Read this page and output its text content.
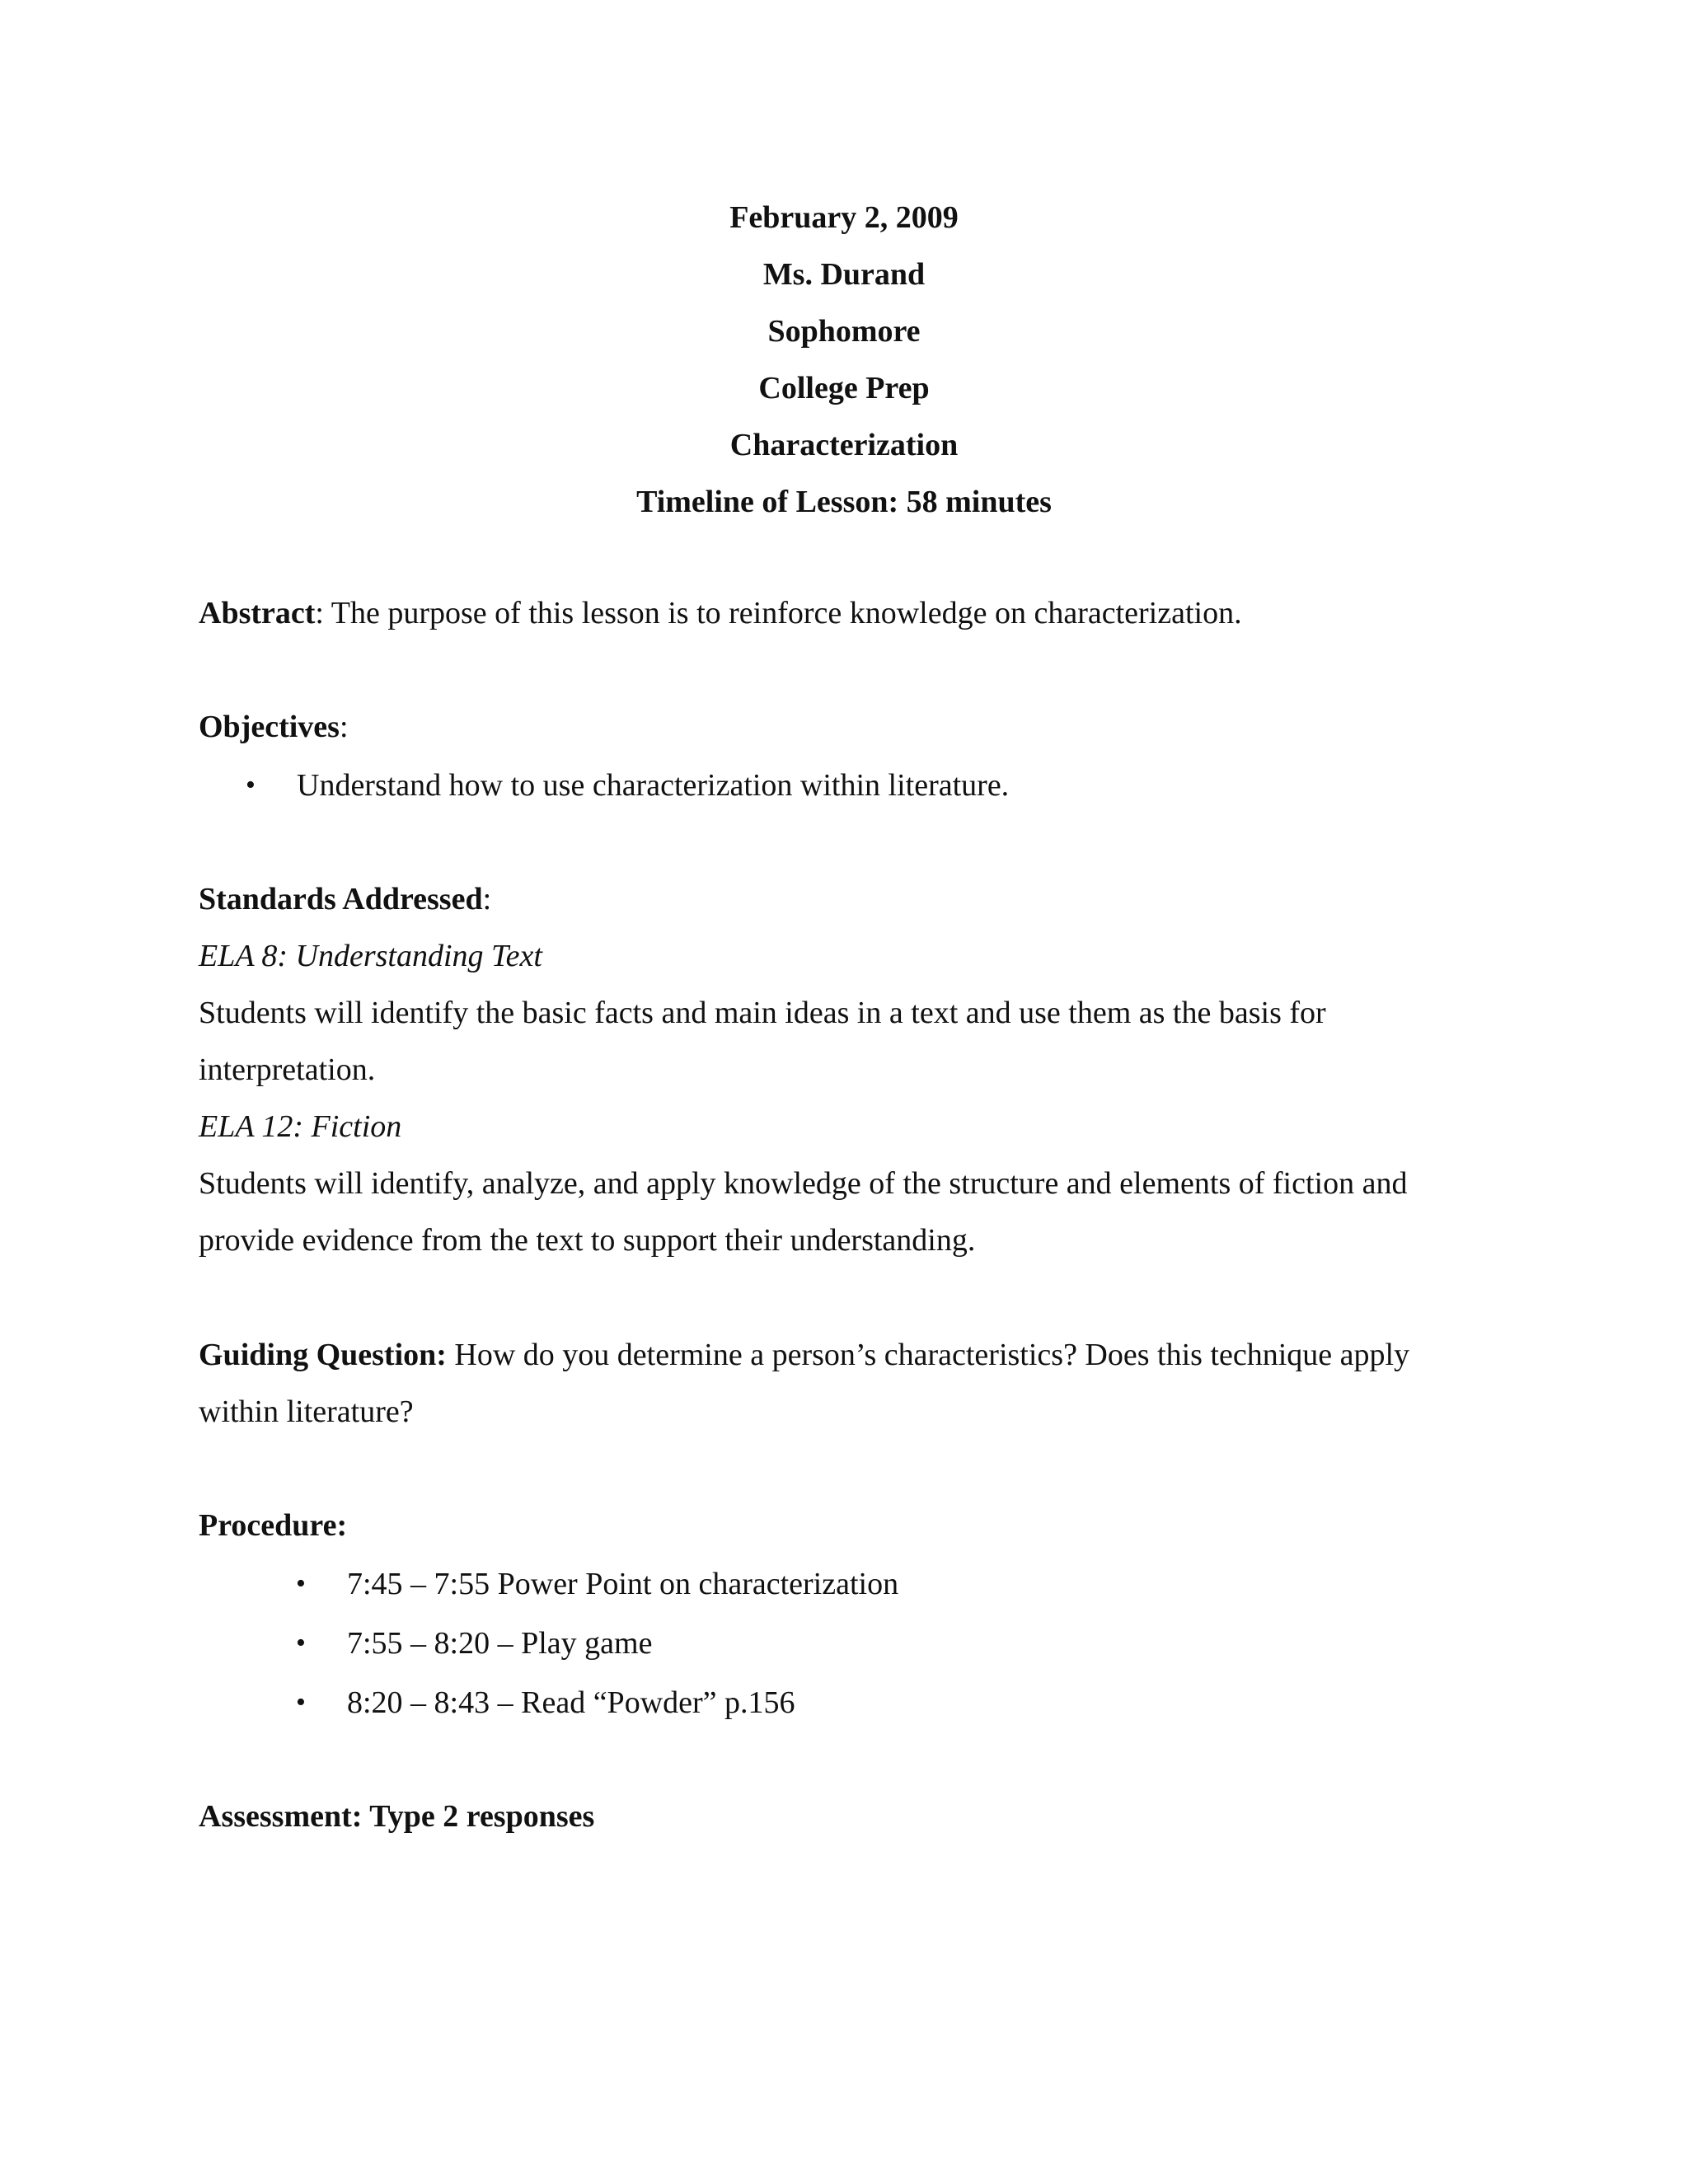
February 2, 2009
Ms. Durand
Sophomore
College Prep
Characterization
Timeline of Lesson: 58 minutes
Abstract: The purpose of this lesson is to reinforce knowledge on characterization.
Objectives:
• Understand how to use characterization within literature.
Standards Addressed:
ELA 8: Understanding Text
Students will identify the basic facts and main ideas in a text and use them as the basis for
interpretation.
ELA 12: Fiction
Students will identify, analyze, and apply knowledge of the structure and elements of fiction and
provide evidence from the text to support their understanding.
Guiding Question: How do you determine a person’s characteristics? Does this technique apply
within literature?
Procedure:
• 7:45 – 7:55 Power Point on characterization
• 7:55 – 8:20 – Play game
• 8:20 – 8:43 – Read “Powder” p.156
Assessment: Type 2 responses
